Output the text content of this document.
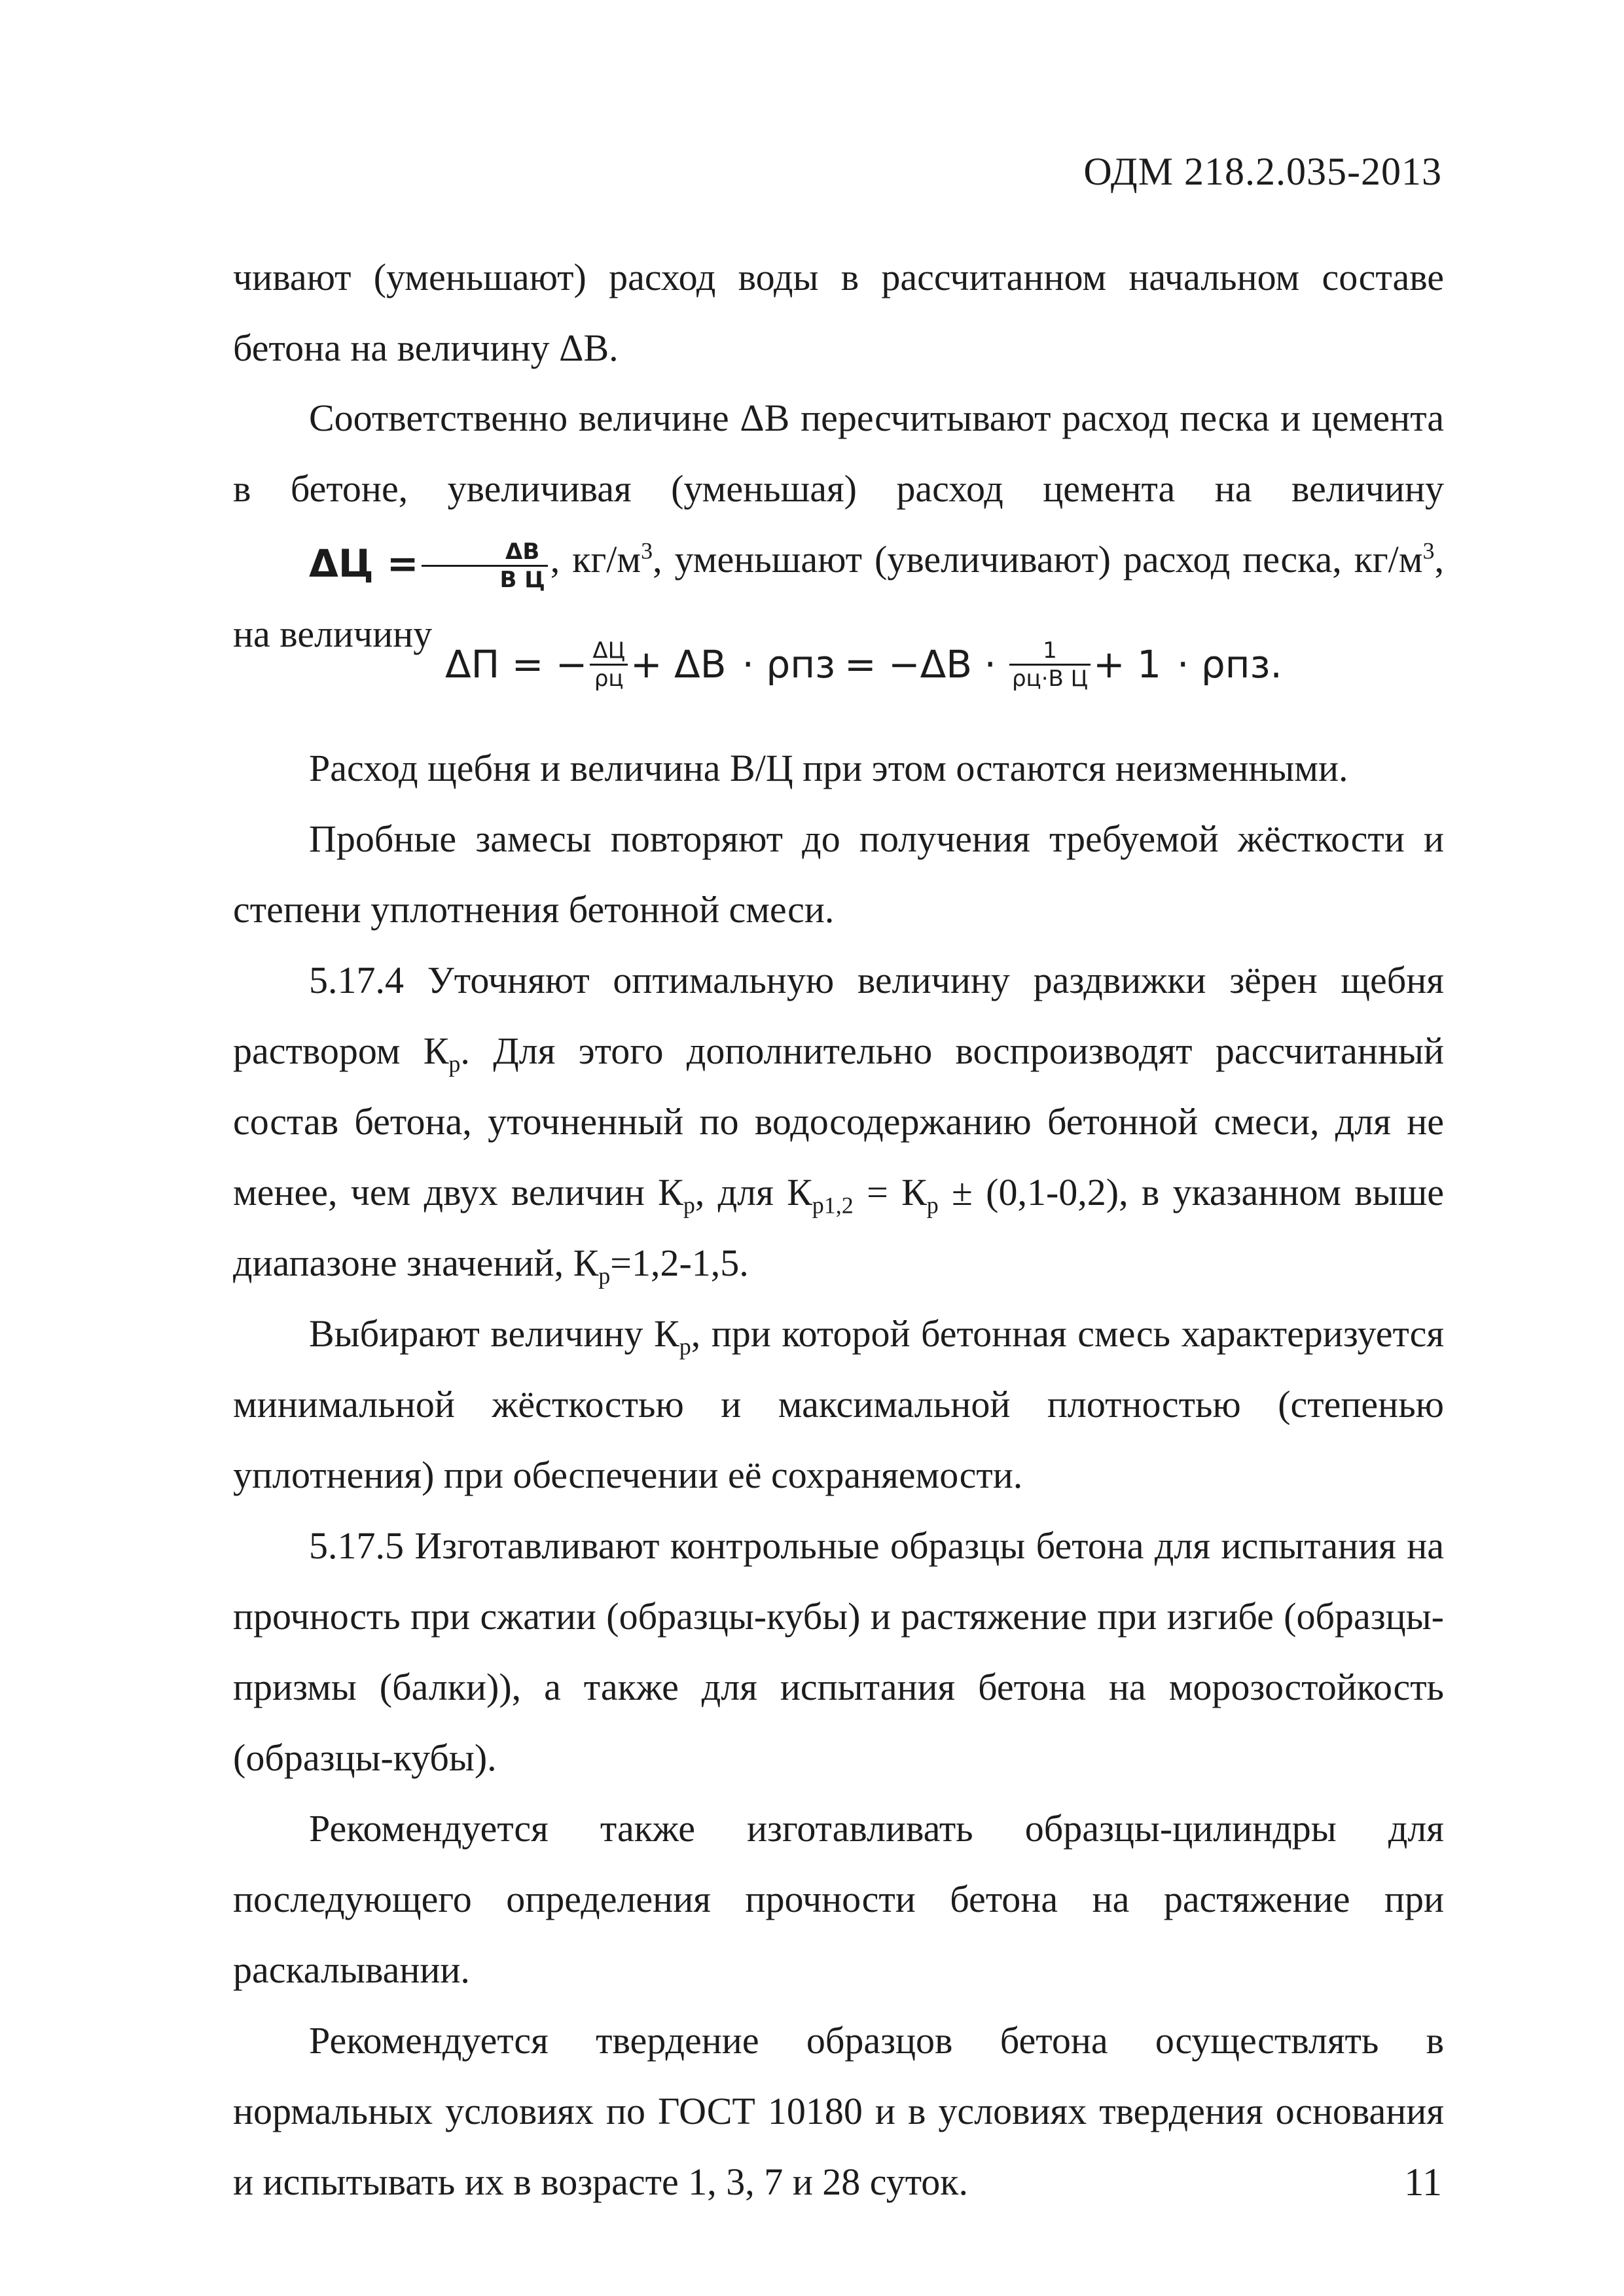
ОДМ 218.2.035-2013

чивают (уменьшают) расход воды в рассчитанном начальном составе бетона на величину ΔВ.

Соответственно величине ΔВ пересчитывают расход песка и цемента в бетоне, увеличивая (уменьшая) расход цемента на величину $\Delta Ц = \frac{\Delta В}{\text{В Ц}}$ , $кг/м^3$, уменьшают (увеличивают) расход песка, $кг/м^3$, на величину

ΔП = − $\frac{\Delta Ц}{\rho ц} + \Delta В \cdot \rho пз = -\Delta В \cdot \frac{1}{\text{ρц·В Ц}} + 1 \cdot \rho пз$.

Расход щебня и величина В/Ц при этом остаются неизменными.

Пробные замесы повторяют до получения требуемой жёсткости и степени уплотнения бетонной смеси.

5.17.4 Уточняют оптимальную величину раздвижки зёрен щебня раствором $К_р$. Для этого дополнительно воспроизводят рассчитанный состав бетона, уточненный по водосодержанию бетонной смеси, для не менее, чем двух величин $К_р$, для $К_{р1,2} = К_р \pm (0,1-0,2)$, в указанном выше диапазоне значений, $К_р=1,2-1,5$.

Выбирают величину $К_р$, при которой бетонная смесь характеризуется минимальной жёсткостью и максимальной плотностью (степенью уплотнения) при обеспечении её сохраняемости.

5.17.5 Изготавливают контрольные образцы бетона для испытания на прочность при сжатии (образцы-кубы) и растяжение при изгибе (образцы-призмы (балки)), а также для испытания бетона на морозостойкость (образцы-кубы).

Рекомендуется также изготавливать образцы-цилиндры для последующего определения прочности бетона на растяжение при раскалывании.

Рекомендуется твердение образцов бетона осуществлять в нормальных условиях по ГОСТ 10180 и в условиях твердения основания и испытывать их в возрасте 1, 3, 7 и 28 суток.	11
